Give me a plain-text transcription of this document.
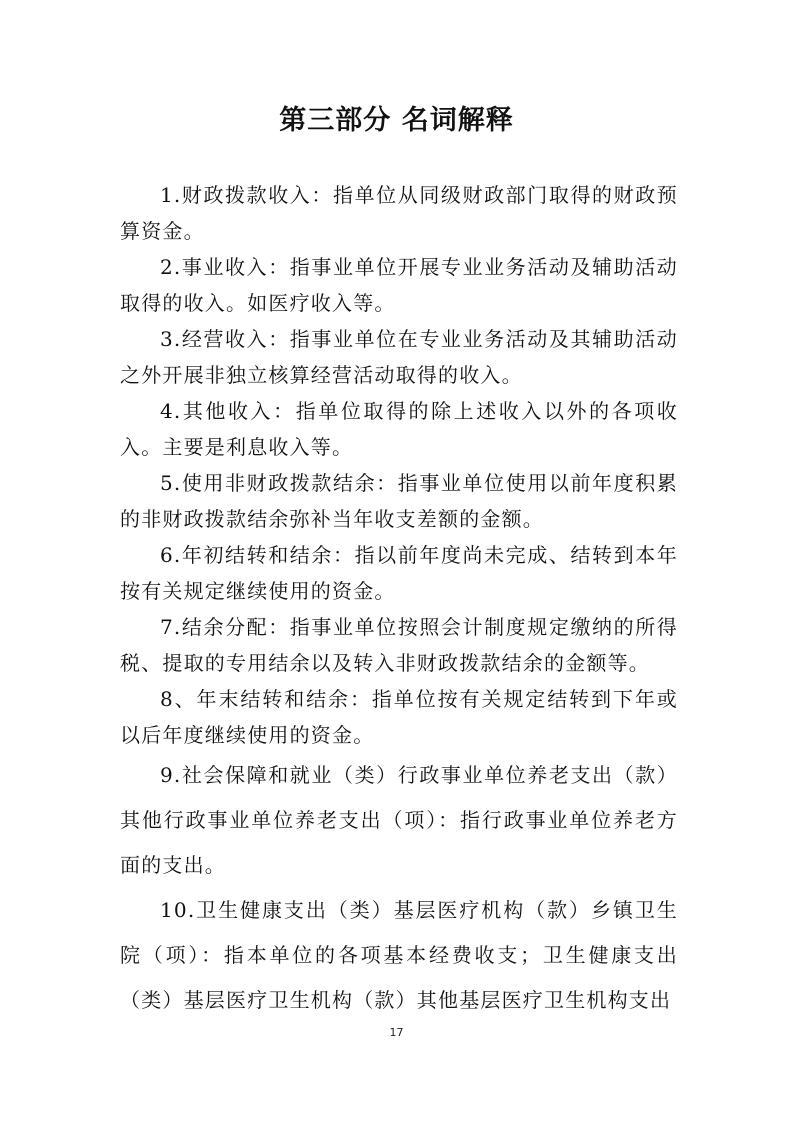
第三部分 名词解释

1.财政拨款收入：指单位从同级财政部门取得的财政预算资金。

2.事业收入：指事业单位开展专业业务活动及辅助活动取得的收入。如医疗收入等。

3.经营收入：指事业单位在专业业务活动及其辅助活动之外开展非独立核算经营活动取得的收入。

4.其他收入：指单位取得的除上述收入以外的各项收入。主要是利息收入等。

5.使用非财政拨款结余：指事业单位使用以前年度积累的非财政拨款结余弥补当年收支差额的金额。

6.年初结转和结余：指以前年度尚未完成、结转到本年按有关规定继续使用的资金。

7.结余分配：指事业单位按照会计制度规定缴纳的所得税、提取的专用结余以及转入非财政拨款结余的金额等。

8、年末结转和结余：指单位按有关规定结转到下年或以后年度继续使用的资金。

9.社会保障和就业（类）行政事业单位养老支出（款）其他行政事业单位养老支出（项）：指行政事业单位养老方面的支出。

10.卫生健康支出（类）基层医疗机构（款）乡镇卫生院（项）：指本单位的各项基本经费收支；卫生健康支出（类）基层医疗卫生机构（款）其他基层医疗卫生机构支出

17
